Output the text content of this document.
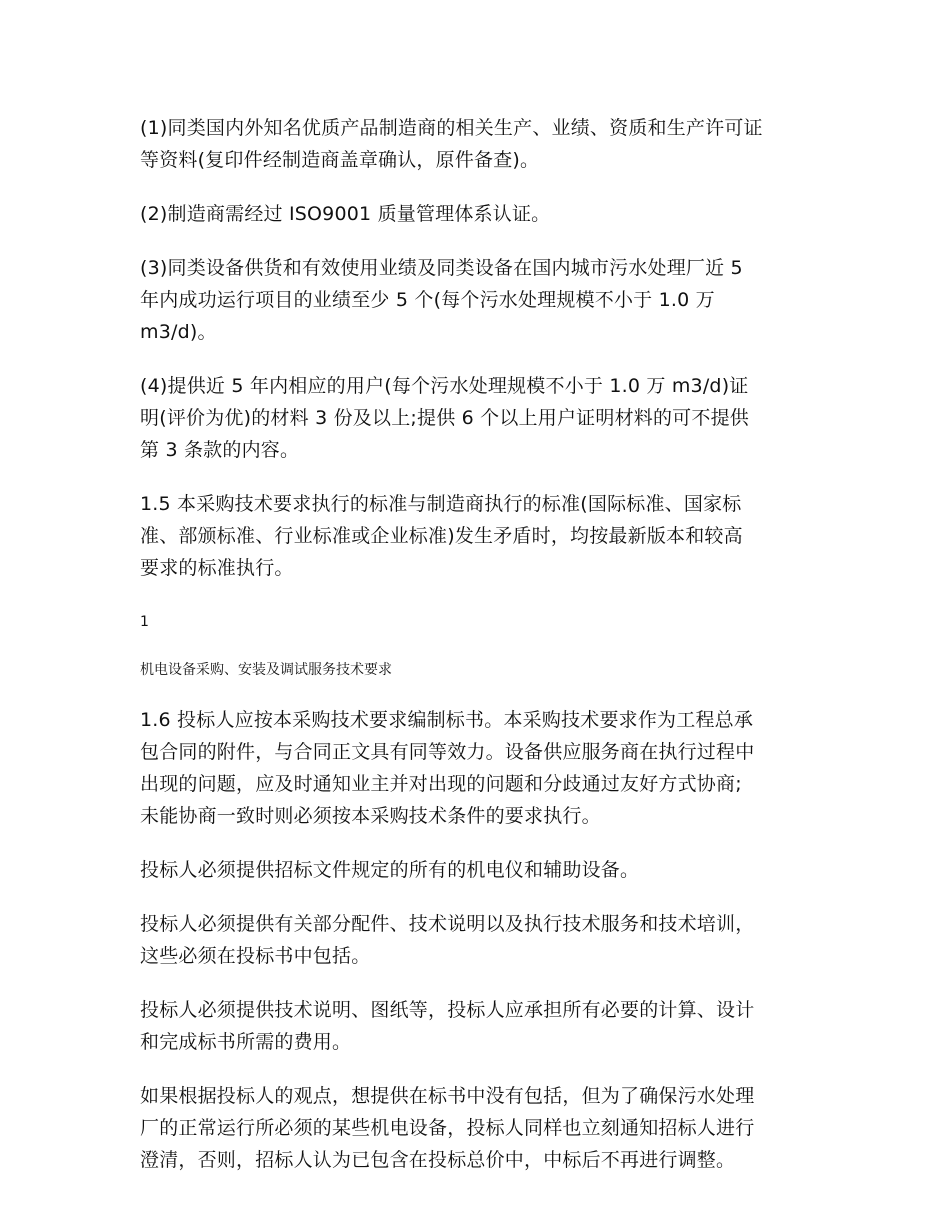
(1)同类国内外知名优质产品制造商的相关生产、业绩、资质和生产许可证
等资料(复印件经制造商盖章确认，原件备查)。

(2)制造商需经过 ISO9001 质量管理体系认证。

(3)同类设备供货和有效使用业绩及同类设备在国内城市污水处理厂近 5
年内成功运行项目的业绩至少 5 个(每个污水处理规模不小于 1.0 万
m3/d)。

(4)提供近 5 年内相应的用户(每个污水处理规模不小于 1.0 万 m3/d)证
明(评价为优)的材料 3 份及以上;提供 6 个以上用户证明材料的可不提供
第 3 条款的内容。

1.5 本采购技术要求执行的标准与制造商执行的标准(国际标准、国家标
准、部颁标准、行业标准或企业标准)发生矛盾时，均按最新版本和较高
要求的标准执行。

1

机电设备采购、安装及调试服务技术要求

1.6 投标人应按本采购技术要求编制标书。本采购技术要求作为工程总承
包合同的附件，与合同正文具有同等效力。设备供应服务商在执行过程中
出现的问题，应及时通知业主并对出现的问题和分歧通过友好方式协商;
未能协商一致时则必须按本采购技术条件的要求执行。

投标人必须提供招标文件规定的所有的机电仪和辅助设备。

投标人必须提供有关部分配件、技术说明以及执行技术服务和技术培训，
这些必须在投标书中包括。

投标人必须提供技术说明、图纸等，投标人应承担所有必要的计算、设计
和完成标书所需的费用。

如果根据投标人的观点，想提供在标书中没有包括，但为了确保污水处理
厂的正常运行所必须的某些机电设备，投标人同样也立刻通知招标人进行
澄清，否则，招标人认为已包含在投标总价中，中标后不再进行调整。
